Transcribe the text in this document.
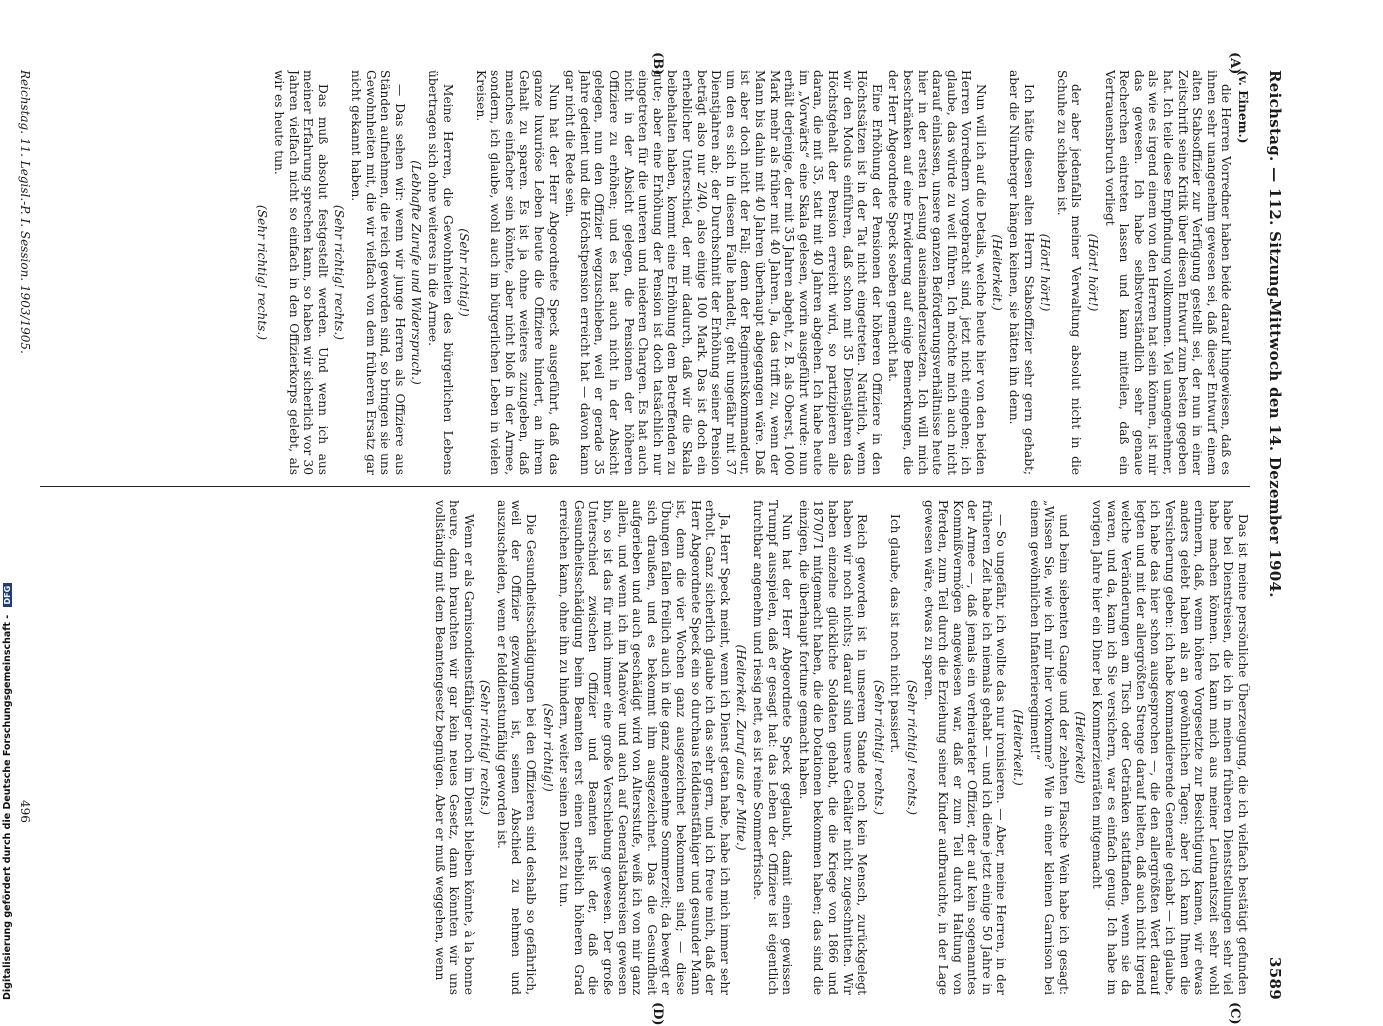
Reichstag. — 112. Sitzung.
Mittwoch den 14. Dezember 1904.
3589
(A)
(B)
(C)
(D)

(v. Einem.)

die Herren Vorredner haben beide darauf hingewiesen, daß es ihnen sehr unangenehm gewesen sei, daß dieser Entwurf einem alten Stabsoffizier zur Verfügung gestellt sei, der nun in einer Zeitschrift seine Kritik über diesen Entwurf zum besten gegeben hat. Ich teile diese Empfindung vollkommen. Viel unangenehmer, als wie es irgend einem von den Herren hat sein können, ist mir das gewesen. Ich habe selbstverständlich sehr genaue Recherchen eintreten lassen und kann mitteilen, daß ein Vertrauensbruch vorliegt

(Hört! hört!)

der aber jedenfalls meiner Verwaltung absolut nicht in die Schuhe zu schieben ist.

(Hört! hört!)

Ich hätte diesen alten Herrn Stabsoffizier sehr gern gehabt; aber die Nürnberger hängen keinen, sie hätten ihn denn.

(Heiterkeit.)

Nun will ich auf die Details, welche heute hier von den beiden Herren Vorrednern vorgebracht sind, jetzt nicht eingehen; ich glaube, das würde zu weit führen. Ich möchte mich auch nicht darauf einlassen, unsere ganzen Beförderungsverhältnisse heute hier in der ersten Lesung auseinanderzusetzen. Ich will mich beschränken auf eine Erwiderung auf einige Bemerkungen, die der Herr Abgeordnete Speck soeben gemacht hat.

Eine Erhöhung der Pensionen der höheren Offiziere in den Höchstsätzen ist in der Tat nicht eingetreten. Natürlich, wenn wir den Modus einführen, daß schon mit 35 Dienstjahren das Höchstgehalt der Pension erreicht wird, so partizipieren alle daran, die mit 35, statt mit 40 Jahren abgehen. Ich habe heute im „Vorwärts“ eine Skala gelesen, worin ausgeführt wurde: nun erhält derjenige, der mit 35 Jahren abgeht, z. B. als Oberst, 1000 Mark mehr als früher mit 40 Jahren. Ja, das trifft zu, wenn der Mann bis dahin mit 40 Jahren überhaupt abgegangen wäre. Daß ist aber doch nicht der Fall; denn der Regimentskommandeur, um den es sich in diesem Falle handelt, geht ungefähr mit 37 Dienstjahren ab; der Durchschnitt der Erhöhung seiner Pension beträgt also nur 2/40, also einige 100 Mark. Das ist doch ein erheblicher Unterschied, der mir dadurch, daß wir die Skala beibehalten haben, kommt eine Erhöhung dem Betreffenden zu gute; aber eine Erhöhung der Pension ist doch tatsächlich nur eingetreten für die unteren und niederen Chargen. Es hat auch nicht in der Absicht gelegen, die Pensionen der höheren Offiziere zu erhöhen; und es hat auch nicht in der Absicht gelegen, nun den Offizier wegzuschieben, weil er gerade 35 Jahre gedient und die Höchstpension erreicht hat — davon kann gar nicht die Rede sein.

Nun hat der Herr Abgeordnete Speck ausgeführt, daß das ganze luxuriöse Leben heute die Offiziere hindert, an ihrem Gehalt zu sparen. Es ist ja ohne weiteres zuzugeben, daß manches einfacher sein könnte, aber nicht bloß in der Armee, sondern, ich glaube, wohl auch im bürgerlichen Leben in vielen Kreisen.

(Sehr richtig!)

Meine Herren, die Gewohnheiten des bürgerlichen Lebens übertragen sich ohne weiteres in die Armee.

(Lebhafte Zurufe und Widerspruch.)

— Das sehen wir: wenn wir junge Herren als Offiziere aus Ständen aufnehmen, die reich geworden sind, so bringen sie uns Gewohnheiten mit, die wir vielfach von dem früheren Ersatz gar nicht gekannt haben.

(Sehr richtig! rechts.)

Das muß absolut festgestellt werden. Und wenn ich aus meiner Erfahrung sprechen kann, so haben wir sicherlich vor 30 Jahren vielfach nicht so einfach in den Offizierkorps gelebt, als wir es heute tun.

(Sehr richtig! rechts.)

Das ist meine persönliche Überzeugung, die ich vielfach bestätigt gefunden habe bei Dienstreisen, die ich in meinen früheren Dienststellungen sehr viel habe machen können. Ich kann mich aus meiner Leutnantszeit sehr wohl erinnern, daß, wenn höhere Vorgesetzte zur Besichtigung kamen, wir etwas anders gelebt haben als an gewöhnlichen Tagen; aber ich kann Ihnen die Versicherung geben: ich habe kommandierende Generale gehabt — ich glaube, ich habe das hier schon ausgesprochen —, die den allergrößten Wert darauf legten und mit der allergrößten Strenge darauf hielten, daß auch nicht irgend welche Veränderungen am Tisch oder Getränken stattfanden, wenn sie da waren, und da, kann ich Sie versichern, war es einfach genug. Ich habe im vorigen Jahre hier ein Diner bei Kommerzienräten mitgemacht

(Heiterkeit)

und beim siebenten Gange und der zehnten Flasche Wein habe ich gesagt: „Wissen Sie, wie ich mir hier vorkomme? Wie in einer kleinen Garnison bei einem gewöhnlichen Infanterieregiment!“

(Heiterkeit.)

— So ungefähr, ich wollte das nur ironisieren. — Aber, meine Herren, in der früheren Zeit habe ich niemals gehabt — und ich diene jetzt einige 50 Jahre in der Armee —, daß jemals ein verheirateter Offizier, der auf kein sogenanntes Kommißvermögen angewiesen war, daß er zum Teil durch Haltung von Pferden, zum Teil durch die Erziehung seiner Kinder aufbrauchte, in der Lage gewesen wäre, etwas zu sparen.

(Sehr richtig! rechts.)

Ich glaube, das ist noch nicht passiert.

(Sehr richtig! rechts.)

Reich geworden ist in unserem Stande noch kein Mensch, zurückgelegt haben wir noch nichts; darauf sind unsere Gehälter nicht zugeschnitten. Wir haben einzelne glückliche Soldaten gehabt, die die Kriege von 1866 und 1870/71 mitgemacht haben, die die Dotationen bekommen haben; das sind die einzigen, die überhaupt fortune gemacht haben.

Nun hat der Herr Abgeordnete Speck geglaubt, damit einen gewissen Trumpf ausspielen, daß er gesagt hat: das Leben der Offiziere ist eigentlich furchtbar angenehm und riesig nett, es ist reine Sommerfrische.

(Heiterkeit. Zuruf aus der Mitte.)

Ja, Herr Speck meint, wenn ich Dienst getan habe, habe ich mich immer sehr erholt. Ganz sicherlich glaube ich das sehr gern, und ich freue mich, daß der Herr Abgeordnete Speck ein so durchaus felddienstfähiger und gesunder Mann ist, denn die vier Wochen ganz ausgezeichnet bekommen sind; — diese Übungen fallen freilich auch in die ganz angenehme Sommerzeit; da bewegt er sich draußen, und es bekommt ihm ausgezeichnet. Das die Gesundheit aufgerieben und auch geschädigt wird von Altersstufe, weiß ich von mir ganz allein, und wenn ich im Manöver und auch auf Generalstabsreisen gewesen bin, so ist das für mich immer eine große Verschiebung gewesen. Der große Unterschied zwischen Offizier und Beamten ist der, daß die Gesundheitsschädigung beim Beamten erst einen erheblich höheren Grad erreichen kann, ohne ihn zu hindern, weiter seinen Dienst zu tun.

(Sehr richtig!)

Die Gesundheitsschädigungen bei den Offizieren sind deshalb so gefährlich, weil der Offizier gezwungen ist, seinen Abschied zu nehmen und auszuscheiden, wenn er felddienstunfähig geworden ist.

(Sehr richtig! rechts.)

Wenn er als Garnisondienstfähiger noch im Dienst bleiben könnte, à la bonne heure, dann brauchten wir gar kein neues Gesetz, dann könnten wir uns vollständig mit dem Beamtengesetz begnügen. Aber er muß weggehen, wenn

Reichstag. 11. Legisl.-P. I. Session. 1903/1905.
496
Digitalisierung gefördert durch die Deutsche Forschungsgemeinschaft - DFG
